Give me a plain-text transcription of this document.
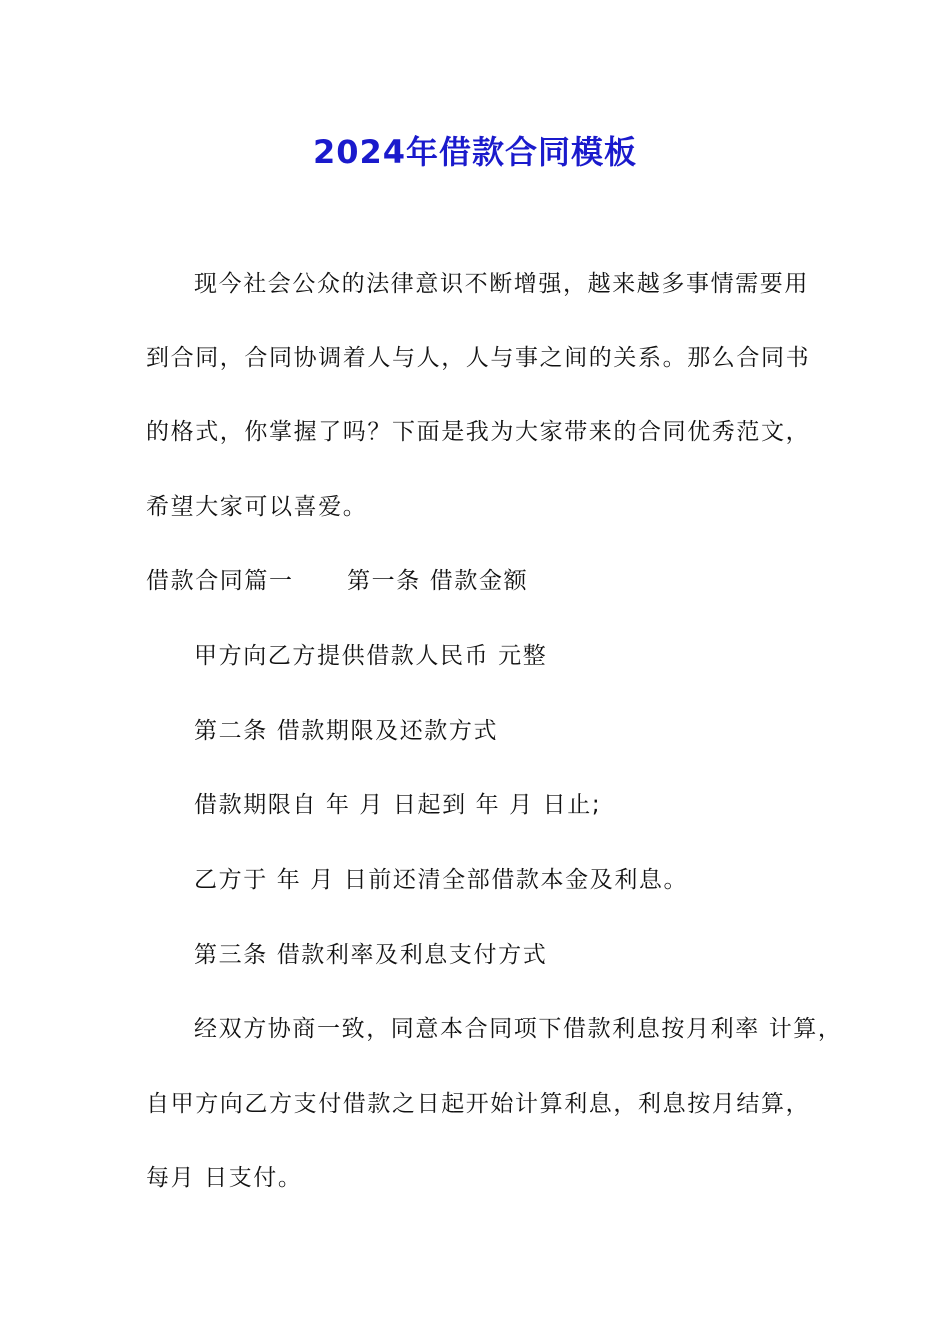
2024年借款合同模板
现今社会公众的法律意识不断增强，越来越多事情需要用
到合同，合同协调着人与人，人与事之间的关系。那么合同书
的格式，你掌握了吗？下面是我为大家带来的合同优秀范文，
希望大家可以喜爱。
借款合同篇一      第一条 借款金额
甲方向乙方提供借款人民币 元整
第二条 借款期限及还款方式
借款期限自 年 月 日起到 年 月 日止;
乙方于 年 月 日前还清全部借款本金及利息。
第三条 借款利率及利息支付方式
经双方协商一致，同意本合同项下借款利息按月利率 计算，
自甲方向乙方支付借款之日起开始计算利息，利息按月结算，
每月 日支付。
